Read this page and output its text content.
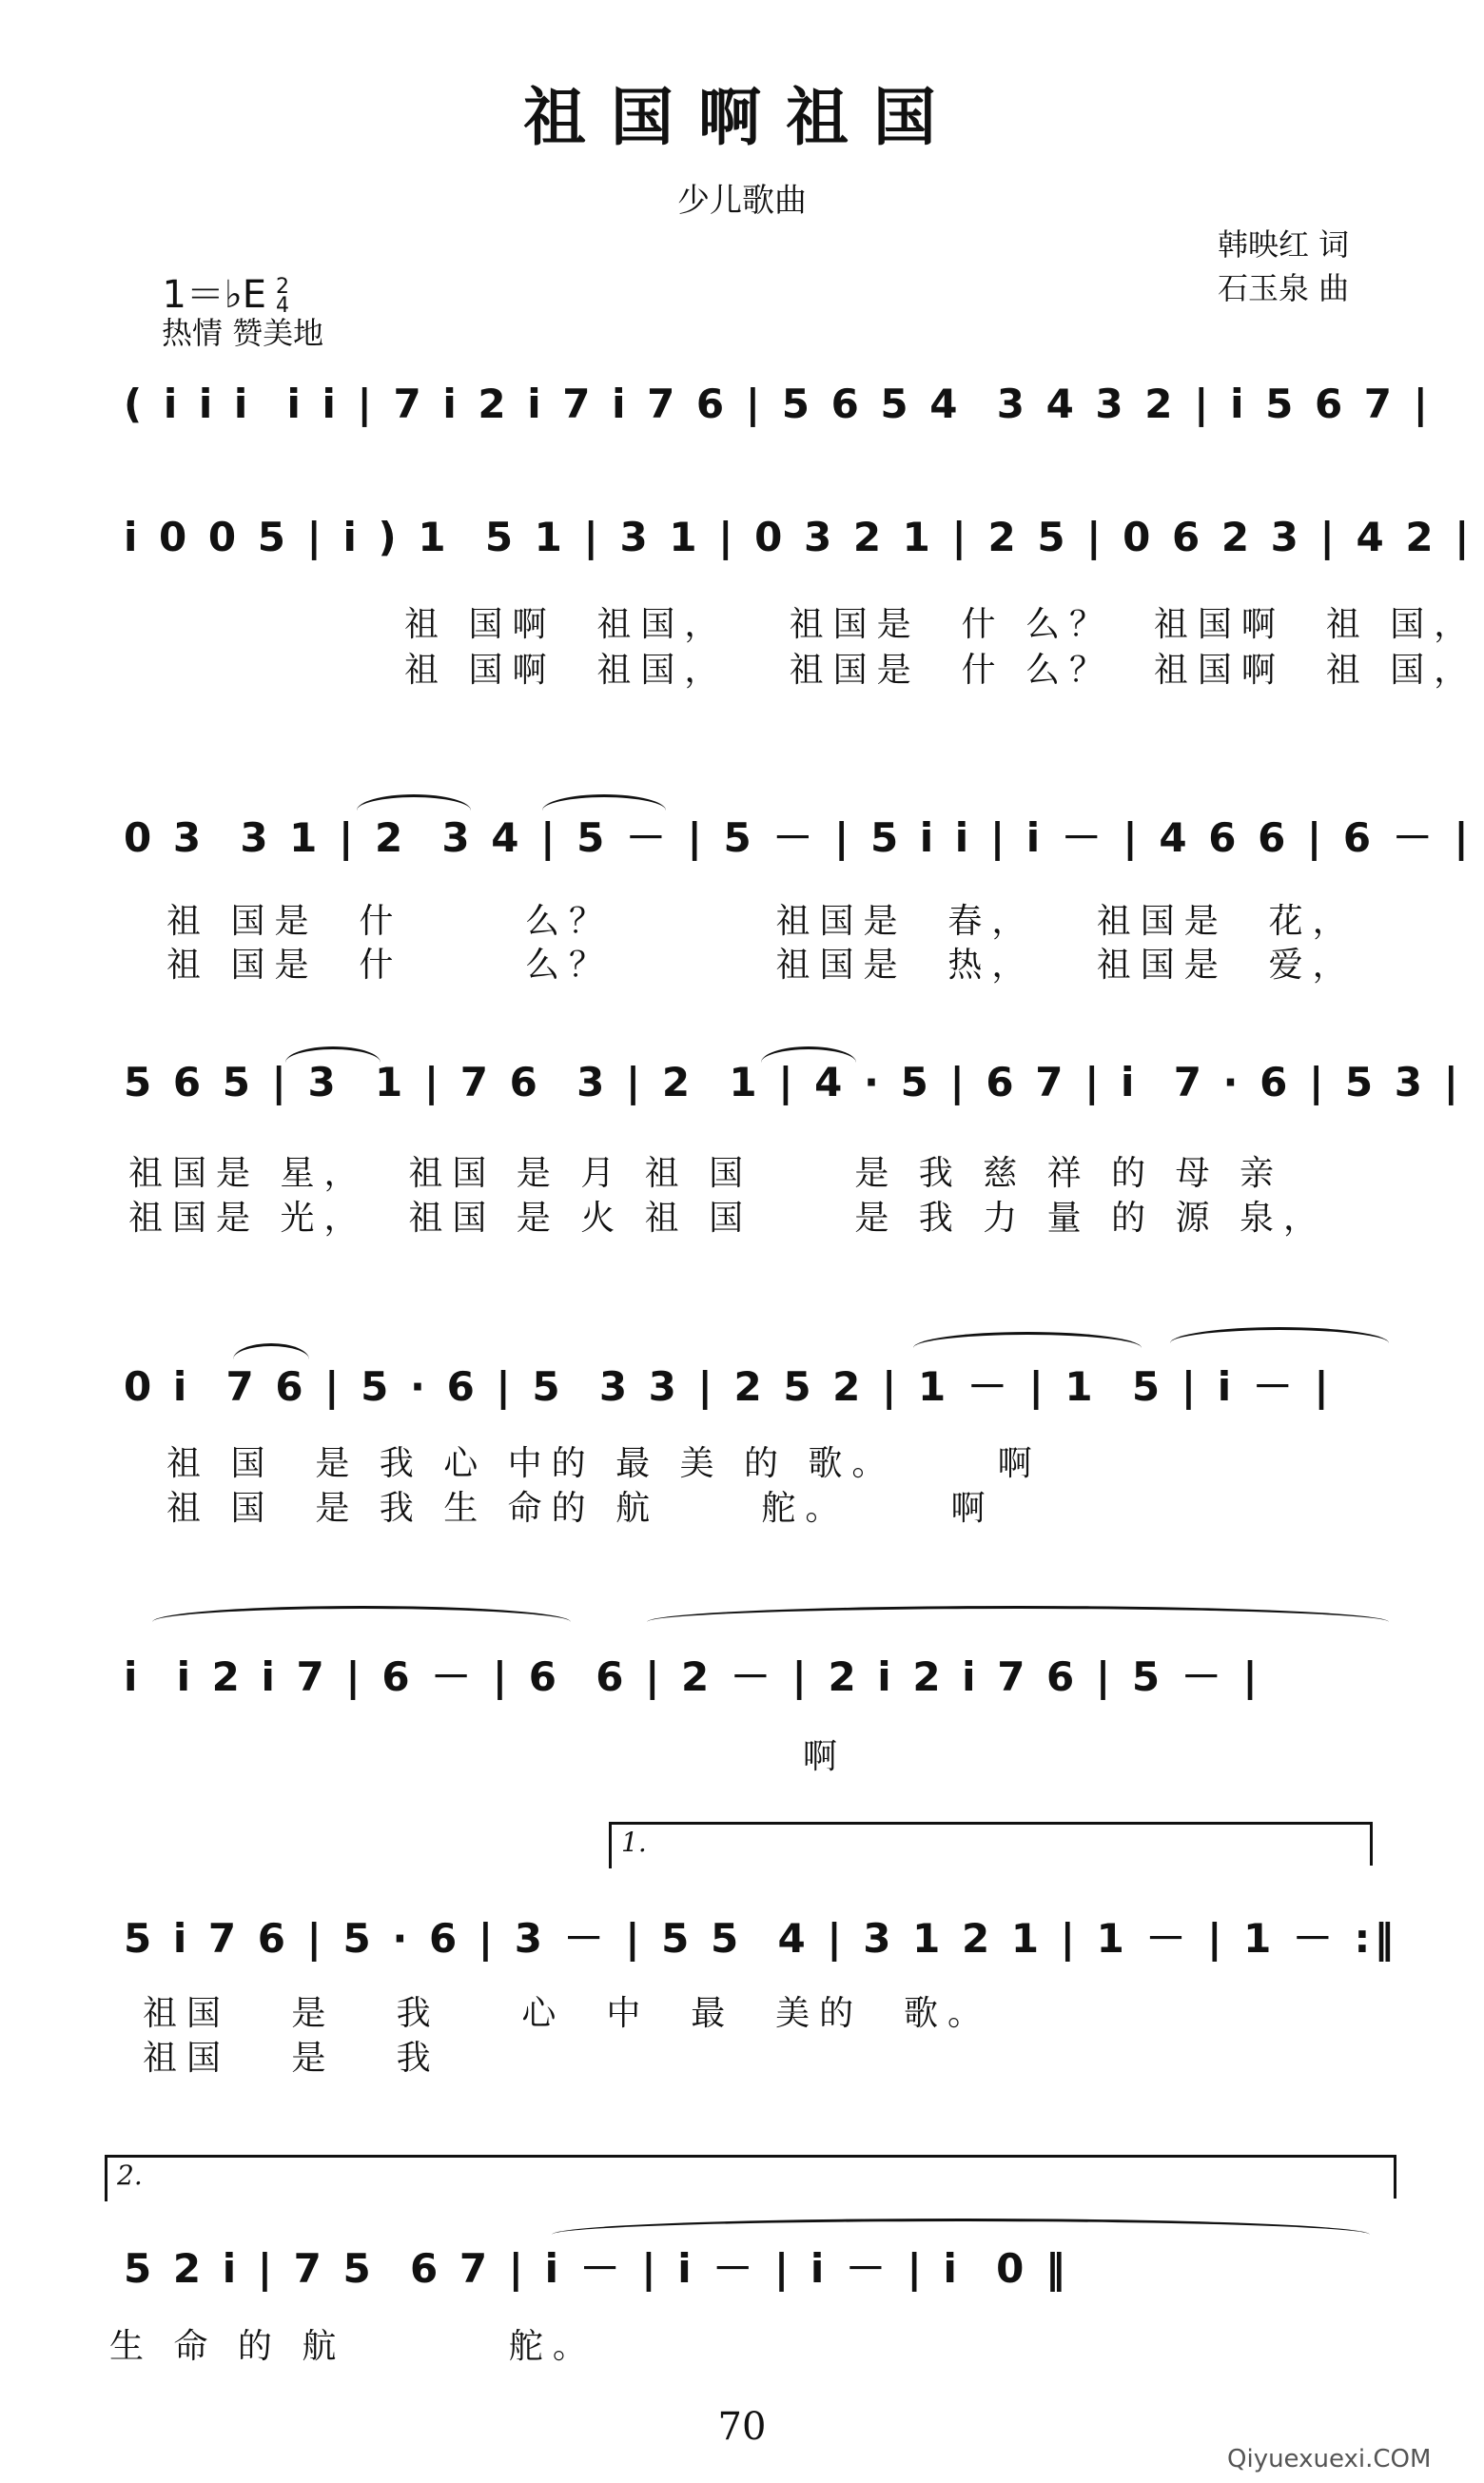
祖国啊祖国
少儿歌曲

1＝♭E 2
4

韩映红 词
石玉泉 曲
热情 赞美地
( i i i  i i | 7 i 2 i 7 i 7 6 | 5 6 5 4  3 4 3 2 | i 5 6 7 |
i 0 0 5 | i ) 1  5 1 | 3 1 | 0 3 2 1 | 2 5 | 0 6 2 3 | 4 2 |
祖 国啊  祖国，   祖国是  什 么？  祖国啊  祖 国，
祖 国啊  祖国，   祖国是  什 么？  祖国啊  祖 国，
0 3  3 1 | 2  3 4 | 5 － | 5 － | 5 i i | i － | 4 6 6 | 6 － |
祖 国是  什      么？        祖国是  春，   祖国是  花，
祖 国是  什      么？        祖国是  热，   祖国是  爱，
5 6 5 | 3  1 | 7 6  3 | 2  1 | 4 · 5 | 6 7 | i  7 · 6 | 5 3 |
祖国是 星，  祖国 是 月 祖 国     是 我 慈 祥 的 母 亲
祖国是 光，  祖国 是 火 祖 国     是 我 力 量 的 源 泉，
0 i  7 6 | 5 · 6 | 5  3 3 | 2 5 2 | 1 － | 1  5 | i － |
祖 国  是 我 心 中的 最 美 的 歌。     啊
祖 国  是 我 生 命的 航     舵。     啊
i  i 2 i 7 | 6 － | 6  6 | 2 － | 2 i 2 i 7 6 | 5 － |
啊
1.
5 i 7 6 | 5 · 6 | 3 － | 5 5  4 | 3 1 2 1 | 1 － | 1 － :‖
祖国   是   我    心  中  最  美的  歌。
祖国   是   我
2.
5 2 i | 7 5  6 7 | i － | i － | i － | i  0 ‖
生 命 的 航        舵。
70
Qiyuexuexi.COM
